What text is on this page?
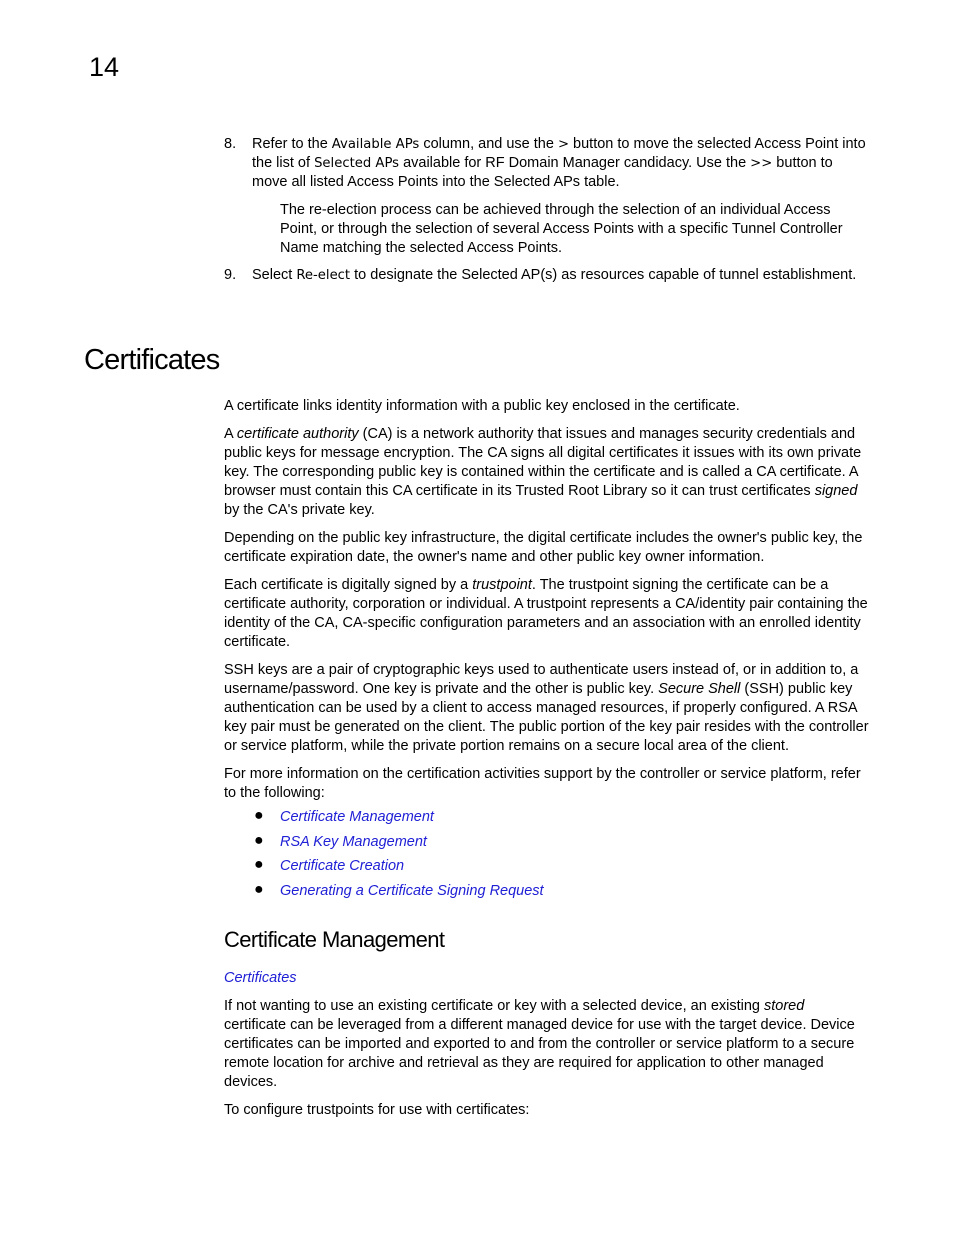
14
8. Refer to the Available APs column, and use the > button to move the selected Access Point into the list of Selected APs available for RF Domain Manager candidacy. Use the >> button to move all listed Access Points into the Selected APs table.
The re-election process can be achieved through the selection of an individual Access Point, or through the selection of several Access Points with a specific Tunnel Controller Name matching the selected Access Points.
9. Select Re-elect to designate the Selected AP(s) as resources capable of tunnel establishment.
Certificates

A certificate links identity information with a public key enclosed in the certificate.

A certificate authority (CA) is a network authority that issues and manages security credentials and public keys for message encryption. The CA signs all digital certificates it issues with its own private key. The corresponding public key is contained within the certificate and is called a CA certificate. A browser must contain this CA certificate in its Trusted Root Library so it can trust certificates signed by the CA's private key.

Depending on the public key infrastructure, the digital certificate includes the owner's public key, the certificate expiration date, the owner's name and other public key owner information.

Each certificate is digitally signed by a trustpoint. The trustpoint signing the certificate can be a certificate authority, corporation or individual. A trustpoint represents a CA/identity pair containing the identity of the CA, CA-specific configuration parameters and an association with an enrolled identity certificate.

SSH keys are a pair of cryptographic keys used to authenticate users instead of, or in addition to, a username/password. One key is private and the other is public key. Secure Shell (SSH) public key authentication can be used by a client to access managed resources, if properly configured. A RSA key pair must be generated on the client. The public portion of the key pair resides with the controller or service platform, while the private portion remains on a secure local area of the client.

For more information on the certification activities support by the controller or service platform, refer to the following:

● Certificate Management
● RSA Key Management
● Certificate Creation
● Generating a Certificate Signing Request
Certificate Management
Certificates

If not wanting to use an existing certificate or key with a selected device, an existing stored certificate can be leveraged from a different managed device for use with the target device. Device certificates can be imported and exported to and from the controller or service platform to a secure remote location for archive and retrieval as they are required for application to other managed devices.

To configure trustpoints for use with certificates:
